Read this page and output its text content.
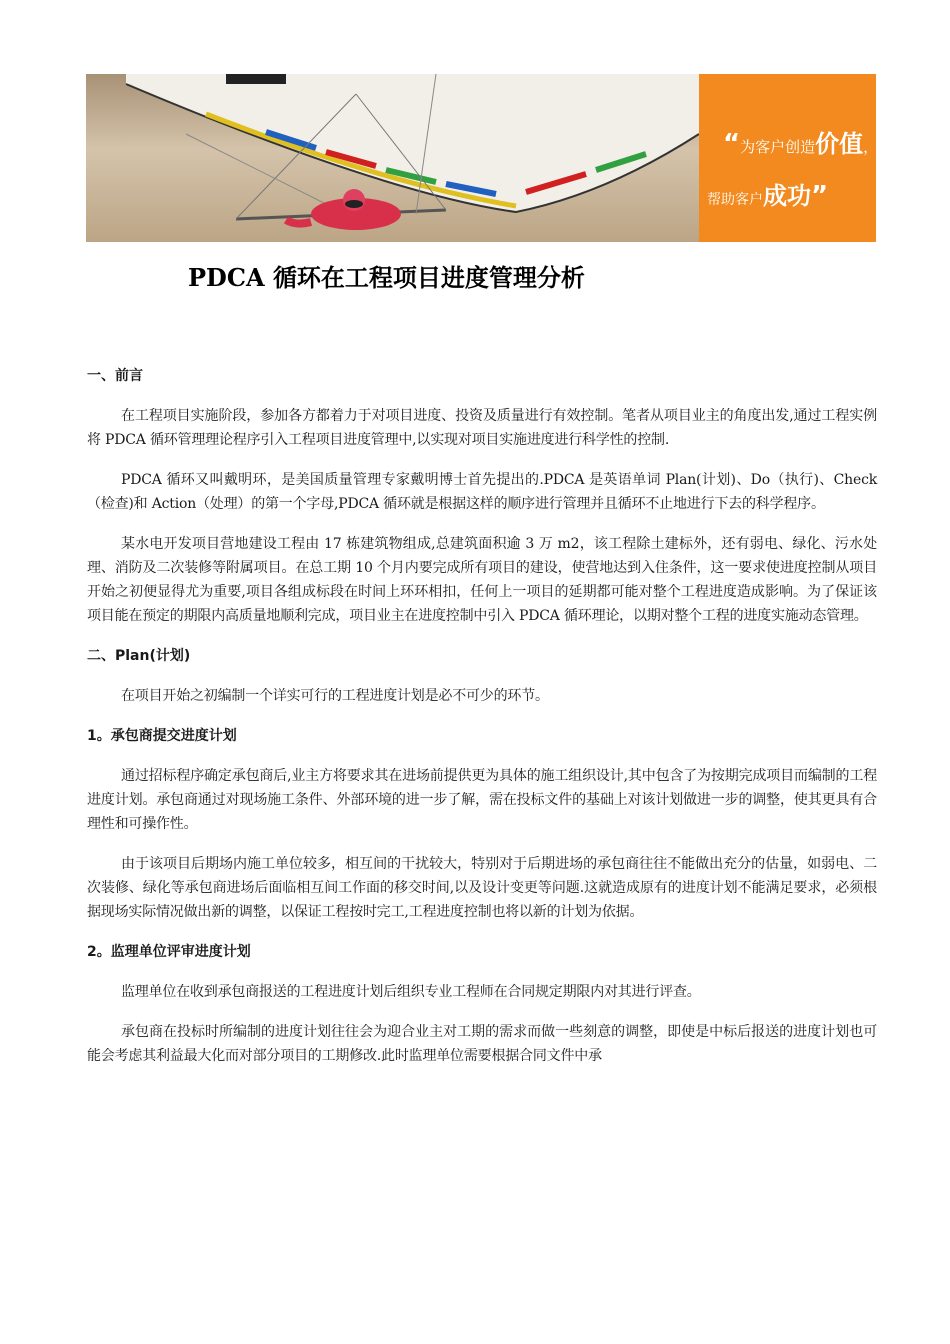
“为客户创造价值，
帮助客户成功”
PDCA 循环在工程项目进度管理分析
一、前言

在工程项目实施阶段，参加各方都着力于对项目进度、投资及质量进行有效控制。笔者从项目业主的角度出发,通过工程实例将 PDCA 循环管理理论程序引入工程项目进度管理中,以实现对项目实施进度进行科学性的控制.

PDCA 循环又叫戴明环，是美国质量管理专家戴明博士首先提出的.PDCA 是英语单词 Plan(计划)、Do（执行)、Check（检查)和 Action（处理）的第一个字母,PDCA 循环就是根据这样的顺序进行管理并且循环不止地进行下去的科学程序。

某水电开发项目营地建设工程由 17 栋建筑物组成,总建筑面积逾 3 万 m2，该工程除土建标外，还有弱电、绿化、污水处理、消防及二次装修等附属项目。在总工期 10 个月内要完成所有项目的建设，使营地达到入住条件，这一要求使进度控制从项目开始之初便显得尤为重要,项目各组成标段在时间上环环相扣，任何上一项目的延期都可能对整个工程进度造成影响。为了保证该项目能在预定的期限内高质量地顺利完成，项目业主在进度控制中引入 PDCA 循环理论，以期对整个工程的进度实施动态管理。

二、Plan(计划)

在项目开始之初编制一个详实可行的工程进度计划是必不可少的环节。

1。承包商提交进度计划

通过招标程序确定承包商后,业主方将要求其在进场前提供更为具体的施工组织设计,其中包含了为按期完成项目而编制的工程进度计划。承包商通过对现场施工条件、外部环境的进一步了解，需在投标文件的基础上对该计划做进一步的调整，使其更具有合理性和可操作性。

由于该项目后期场内施工单位较多，相互间的干扰较大，特别对于后期进场的承包商往往不能做出充分的估量，如弱电、二次装修、绿化等承包商进场后面临相互间工作面的移交时间,以及设计变更等问题.这就造成原有的进度计划不能满足要求，必须根据现场实际情况做出新的调整，以保证工程按时完工,工程进度控制也将以新的计划为依据。

2。监理单位评审进度计划

监理单位在收到承包商报送的工程进度计划后组织专业工程师在合同规定期限内对其进行评查。

承包商在投标时所编制的进度计划往往会为迎合业主对工期的需求而做一些刻意的调整，即使是中标后报送的进度计划也可能会考虑其利益最大化而对部分项目的工期修改.此时监理单位需要根据合同文件中承
